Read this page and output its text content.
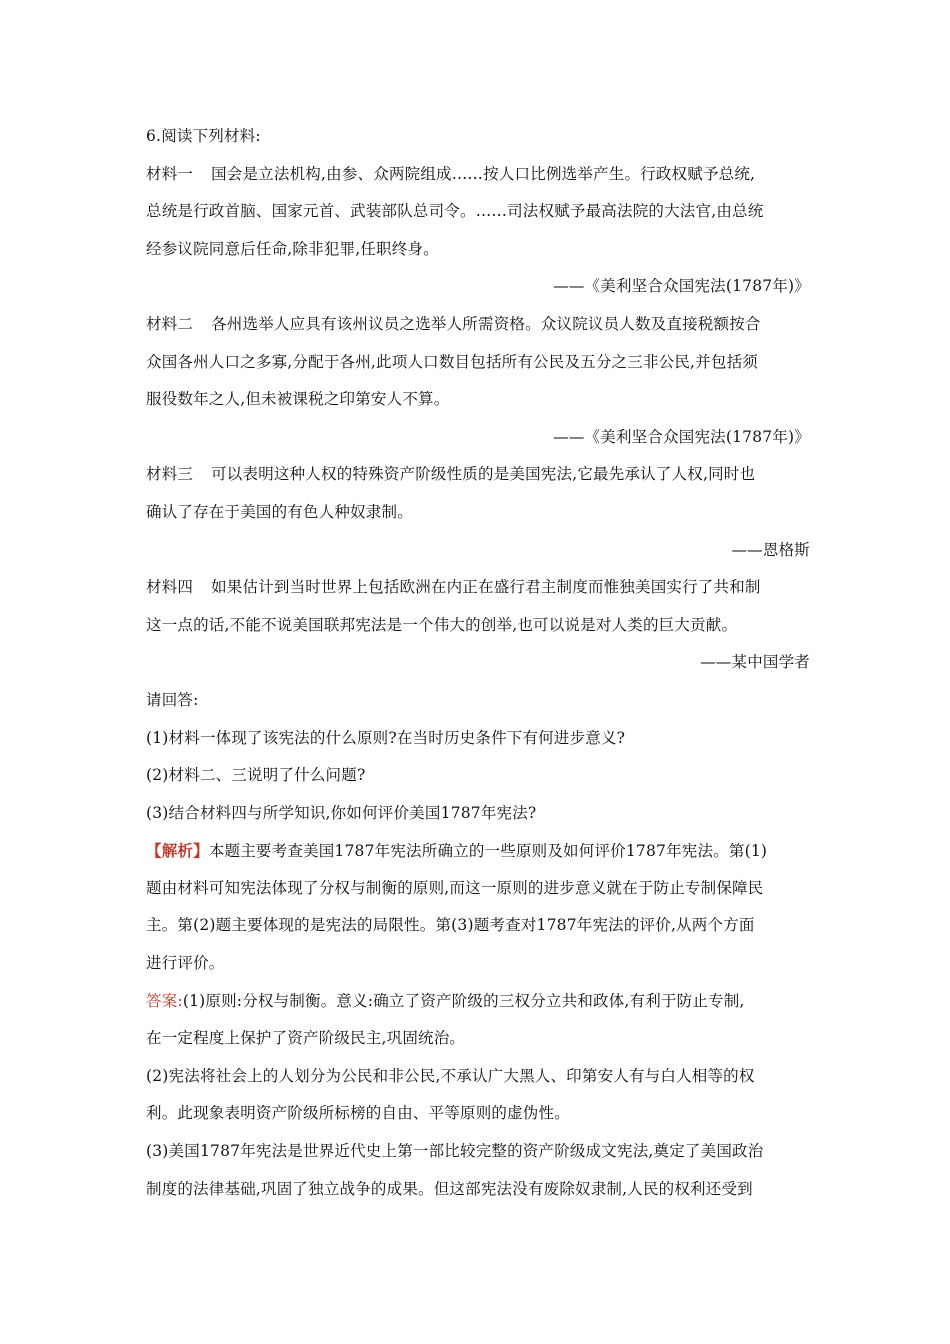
6.阅读下列材料:
材料一 国会是立法机构,由参、众两院组成……按人口比例选举产生。行政权赋予总统,
总统是行政首脑、国家元首、武装部队总司令。……司法权赋予最高法院的大法官,由总统
经参议院同意后任命,除非犯罪,任职终身。
——《美利坚合众国宪法(1787年)》
材料二 各州选举人应具有该州议员之选举人所需资格。众议院议员人数及直接税额按合
众国各州人口之多寡,分配于各州,此项人口数目包括所有公民及五分之三非公民,并包括须
服役数年之人,但未被课税之印第安人不算。
——《美利坚合众国宪法(1787年)》
材料三 可以表明这种人权的特殊资产阶级性质的是美国宪法,它最先承认了人权,同时也
确认了存在于美国的有色人种奴隶制。
——恩格斯
材料四 如果估计到当时世界上包括欧洲在内正在盛行君主制度而惟独美国实行了共和制
这一点的话,不能不说美国联邦宪法是一个伟大的创举,也可以说是对人类的巨大贡献。
——某中国学者
请回答:
(1)材料一体现了该宪法的什么原则?在当时历史条件下有何进步意义?
(2)材料二、三说明了什么问题?
(3)结合材料四与所学知识,你如何评价美国1787年宪法?
【解析】本题主要考查美国1787年宪法所确立的一些原则及如何评价1787年宪法。第(1)
题由材料可知宪法体现了分权与制衡的原则,而这一原则的进步意义就在于防止专制保障民
主。第(2)题主要体现的是宪法的局限性。第(3)题考查对1787年宪法的评价,从两个方面
进行评价。
答案:(1)原则:分权与制衡。意义:确立了资产阶级的三权分立共和政体,有利于防止专制,
在一定程度上保护了资产阶级民主,巩固统治。
(2)宪法将社会上的人划分为公民和非公民,不承认广大黑人、印第安人有与白人相等的权
利。此现象表明资产阶级所标榜的自由、平等原则的虚伪性。
(3)美国1787年宪法是世界近代史上第一部比较完整的资产阶级成文宪法,奠定了美国政治
制度的法律基础,巩固了独立战争的成果。但这部宪法没有废除奴隶制,人民的权利还受到
